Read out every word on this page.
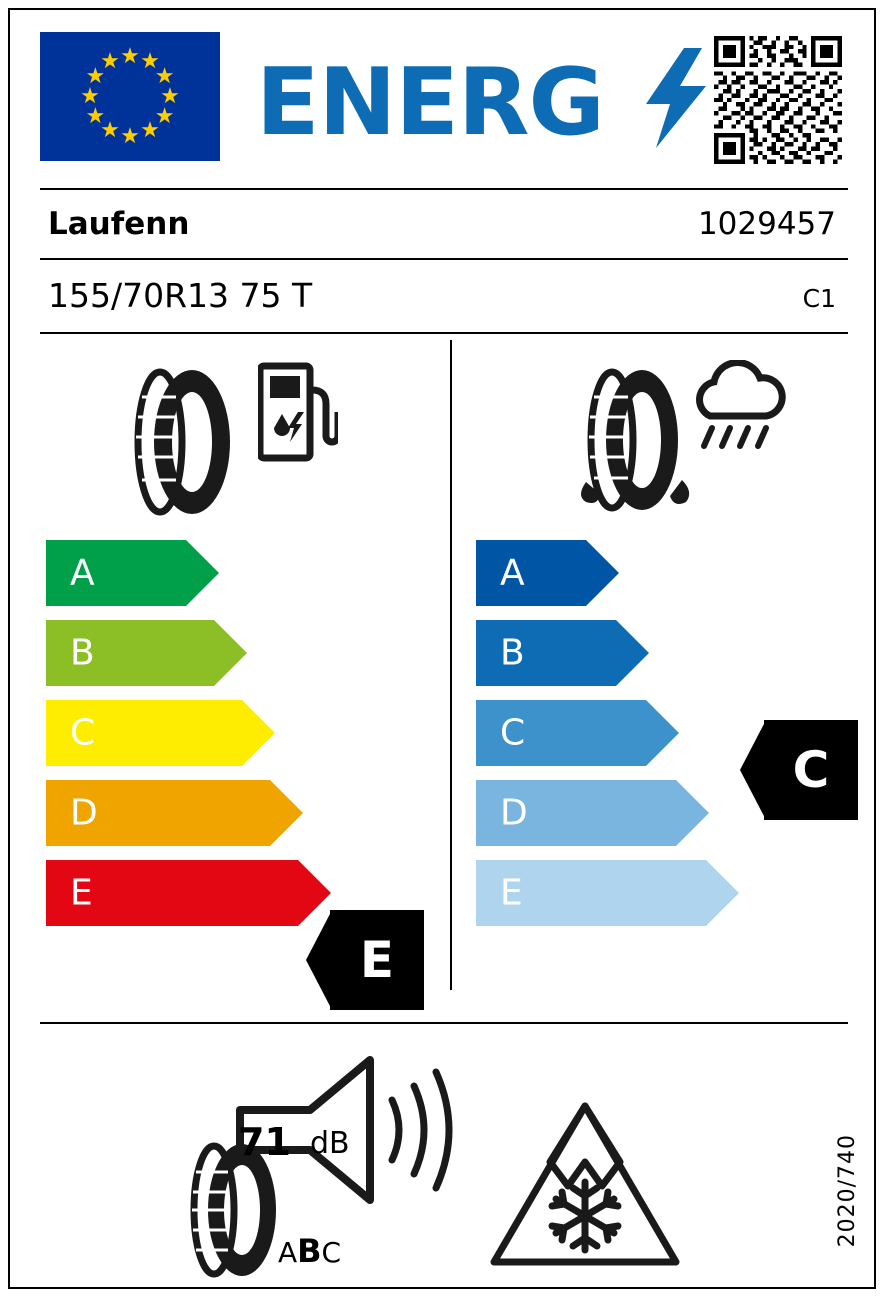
★ ★
★
★
★
★
★
★
★
★
★
★ ENERG
Laufenn	1029457
155/70R13 75 T	C1
A
B
C
D
E
E
A
B
C
D
E
C
71 dB
ABC
2020/740
